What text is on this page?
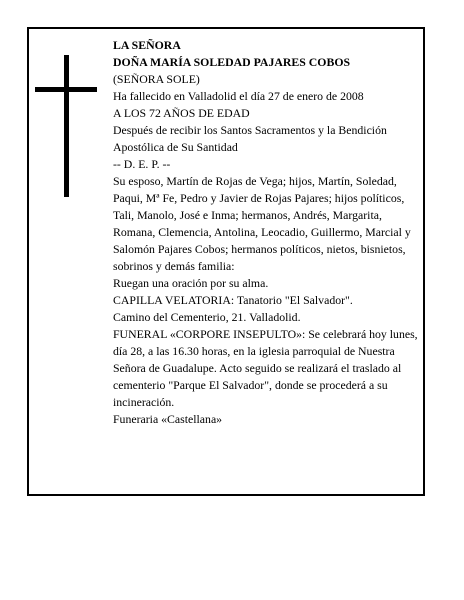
LA SEÑORA

DOÑA MARÍA SOLEDAD PAJARES COBOS

(SEÑORA SOLE)

Ha fallecido en Valladolid el día 27 de enero de 2008

A LOS 72 AÑOS DE EDAD

Después de recibir los Santos Sacramentos y la Bendición Apostólica de Su Santidad

-- D. E. P. --

Su esposo, Martín de Rojas de Vega; hijos, Martín, Soledad, Paqui, Mª Fe, Pedro y Javier de Rojas Pajares; hijos políticos, Tali, Manolo, José e Inma; hermanos, Andrés, Margarita, Romana, Clemencia, Antolina, Leocadio, Guillermo, Marcial y Salomón Pajares Cobos; hermanos políticos, nietos, bisnietos, sobrinos y demás familia:

Ruegan una oración por su alma.

CAPILLA VELATORIA: Tanatorio "El Salvador".

Camino del Cementerio, 21. Valladolid.

FUNERAL «CORPORE INSEPULTO»: Se celebrará hoy lunes, día 28, a las 16.30 horas, en la iglesia parroquial de Nuestra Señora de Guadalupe. Acto seguido se realizará el traslado al cementerio "Parque El Salvador", donde se procederá a su incineración.

Funeraria «Castellana»
